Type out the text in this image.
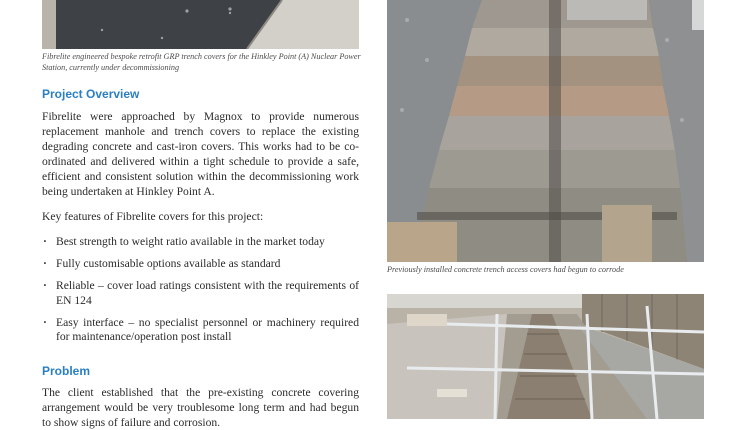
Fibrelite engineered bespoke retrofit GRP trench covers for the Hinkley Point (A) Nuclear Power Station, currently under decommissioning
Project Overview

Fibrelite were approached by Magnox to provide numerous replacement manhole and trench covers to replace the existing degrading concrete and cast-iron covers. This works had to be co-ordinated and delivered within a tight schedule to provide a safe, efficient and consistent solution within the decommissioning work being undertaken at Hinkley Point A.

Key features of Fibrelite covers for this project:

· Best strength to weight ratio available in the market today
· Fully customisable options available as standard
· Reliable – cover load ratings consistent with the requirements of EN 124
· Easy interface – no specialist personnel or machinery required for maintenance/operation post install
Problem

The client established that the pre-existing concrete covering arrangement would be very troublesome long term and had begun to show signs of failure and corrosion.

Previously installed concrete trench access covers had begun to corrode
